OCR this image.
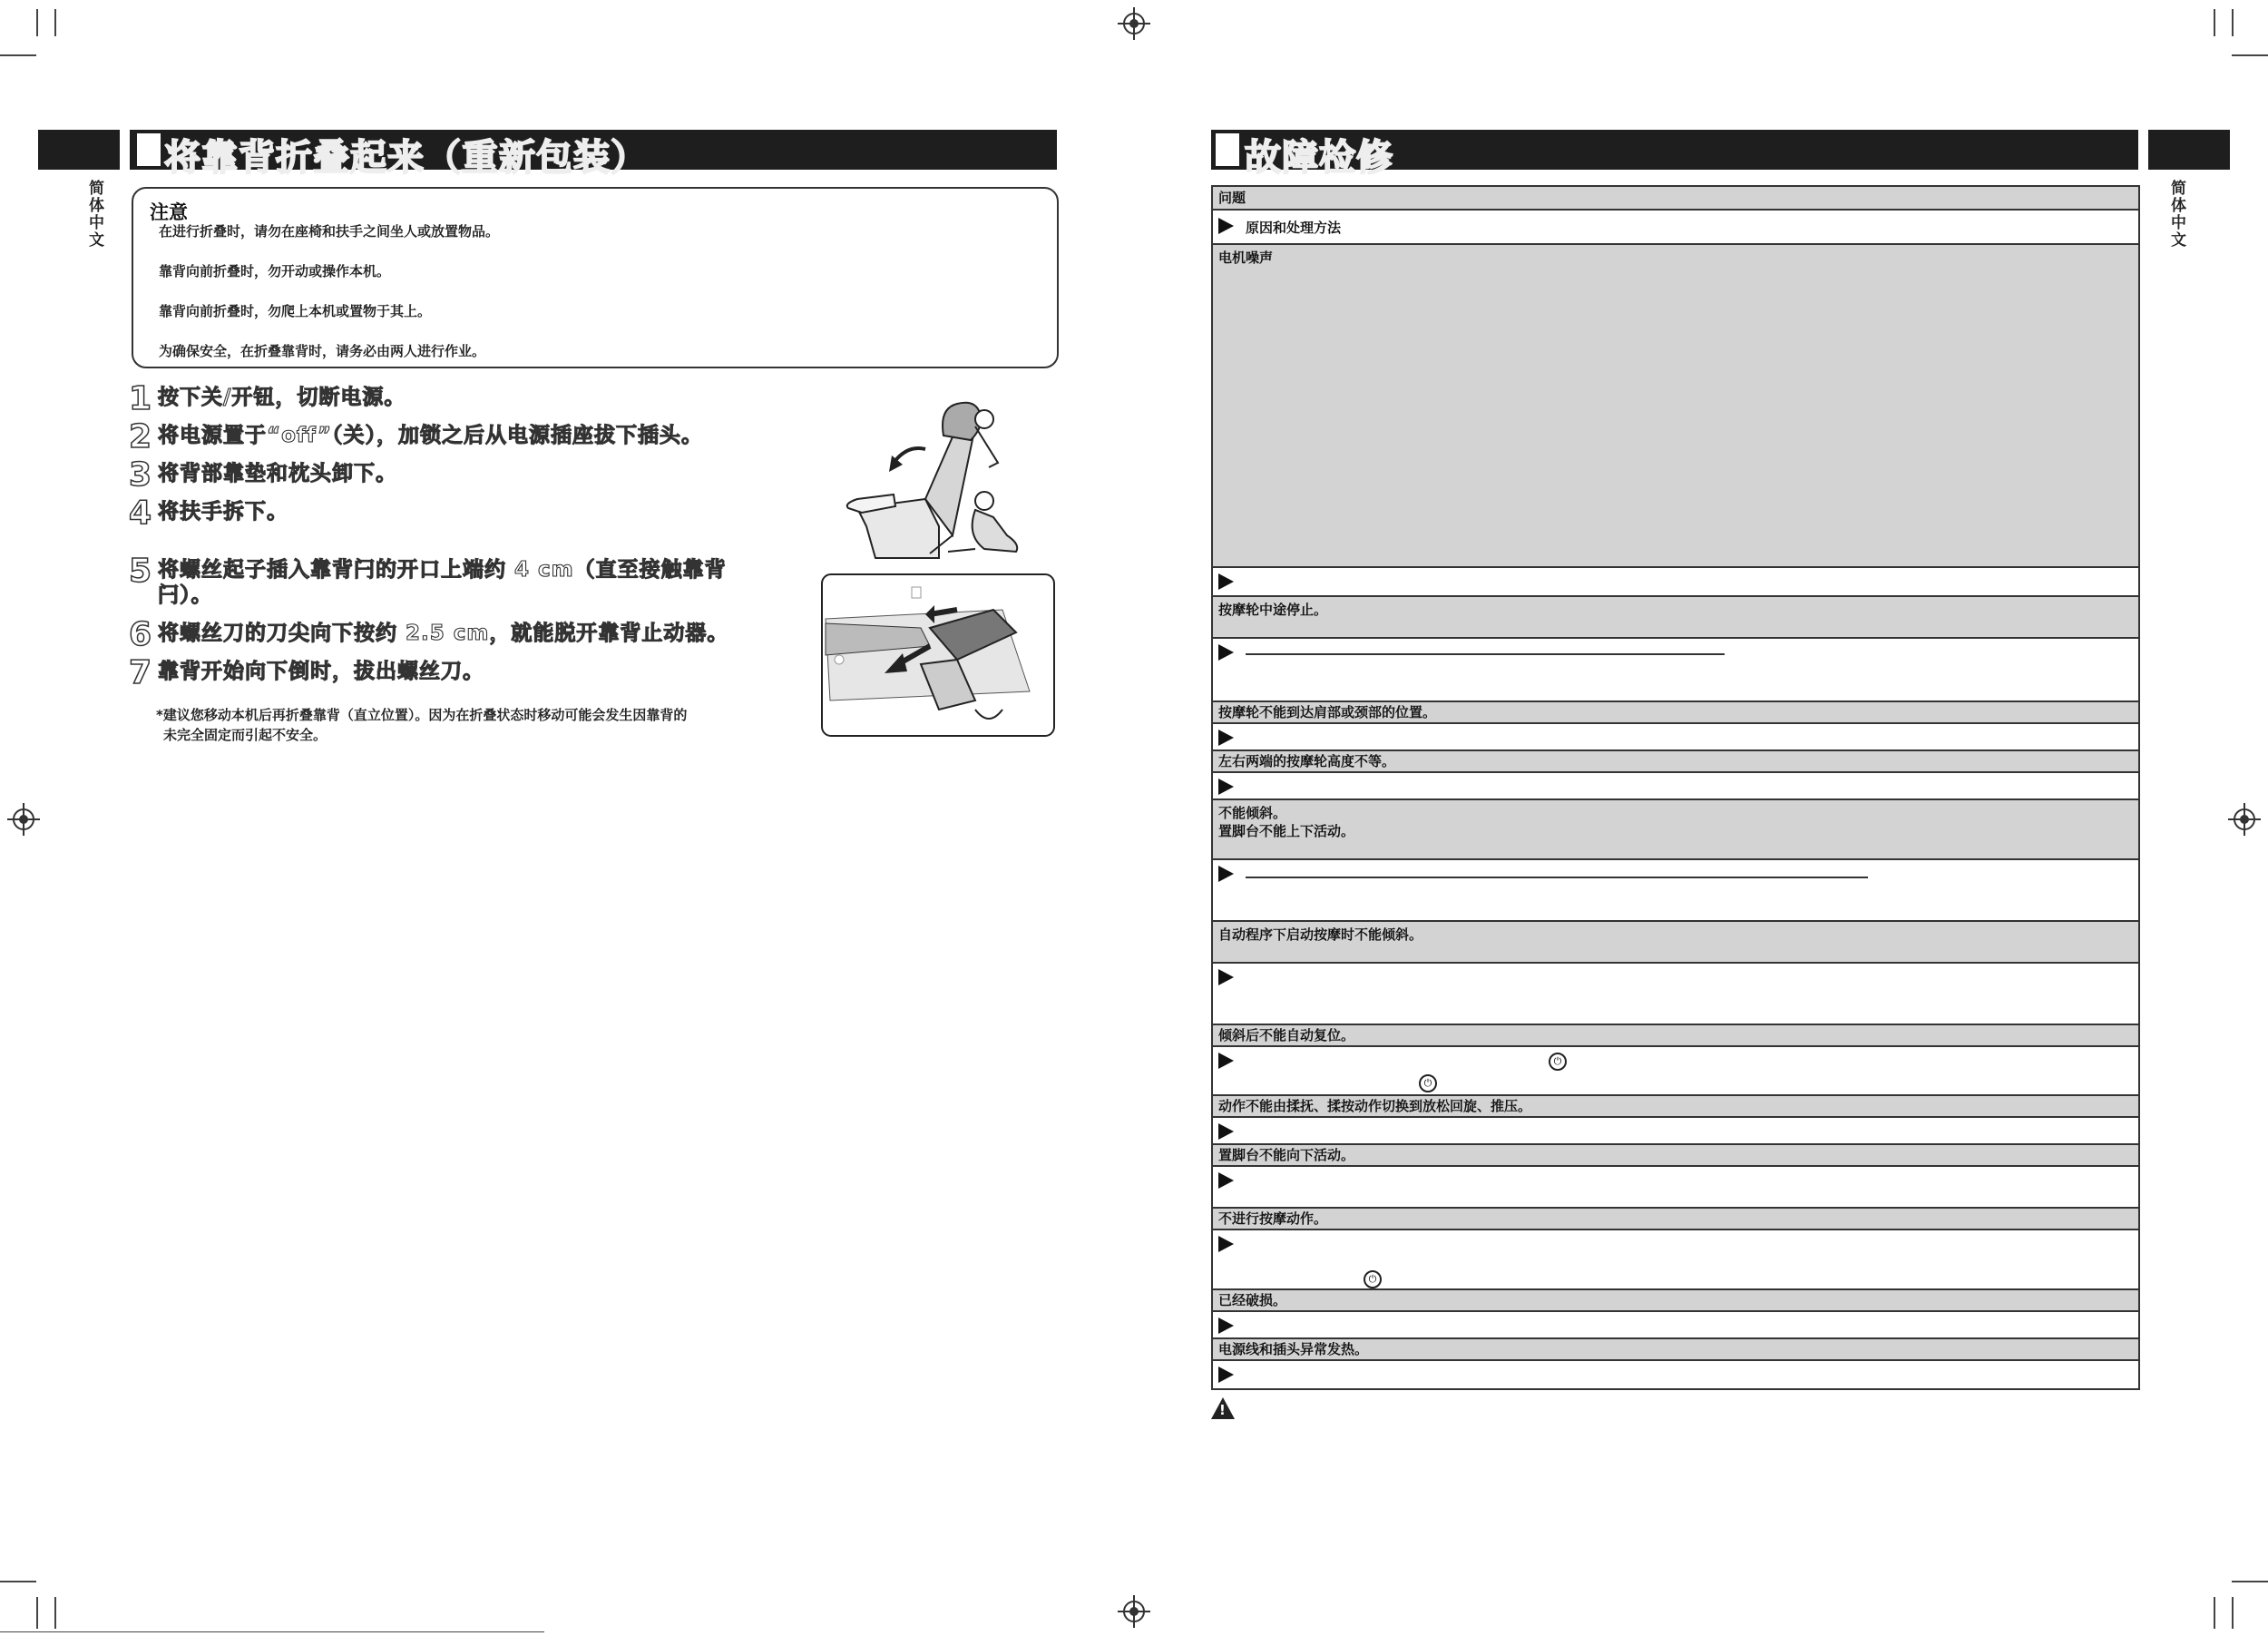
将靠背折叠起来（重新包装）
简体中文 注意
在进行折叠时，请勿在座椅和扶手之间坐人或放置物品。
靠背向前折叠时，勿开动或操作本机。
靠背向前折叠时，勿爬上本机或置物于其上。
为确保安全，在折叠靠背时，请务必由两人进行作业。
1 按下关/开钮，切断电源。
2 将电源置于“off”（关），加锁之后从电源插座拔下插头。
3 将背部靠垫和枕头卸下。
4 将扶手拆下。
5 将螺丝起子插入靠背闩的开口上端约 4 cm（直至接触靠背
闩）。
6 将螺丝刀的刀尖向下按约 2.5 cm，就能脱开靠背止动器。
7 靠背开始向下倒时，拔出螺丝刀。
*建议您移动本机后再折叠靠背（直立位置）。因为在折叠状态时移动可能会发生因靠背的
未完全固定而引起不安全。
故障检修
简体中文
问题
原因和处理方法
电机噪声
按摩轮中途停止。
按摩轮不能到达肩部或颈部的位置。
左右两端的按摩轮高度不等。
不能倾斜。
置脚台不能上下活动。
自动程序下启动按摩时不能倾斜。
倾斜后不能自动复位。
⏻
⏻
动作不能由揉抚、揉按动作切换到放松回旋、推压。
置脚台不能向下活动。
不进行按摩动作。
⏻
已经破损。
电源线和插头异常发热。
!
